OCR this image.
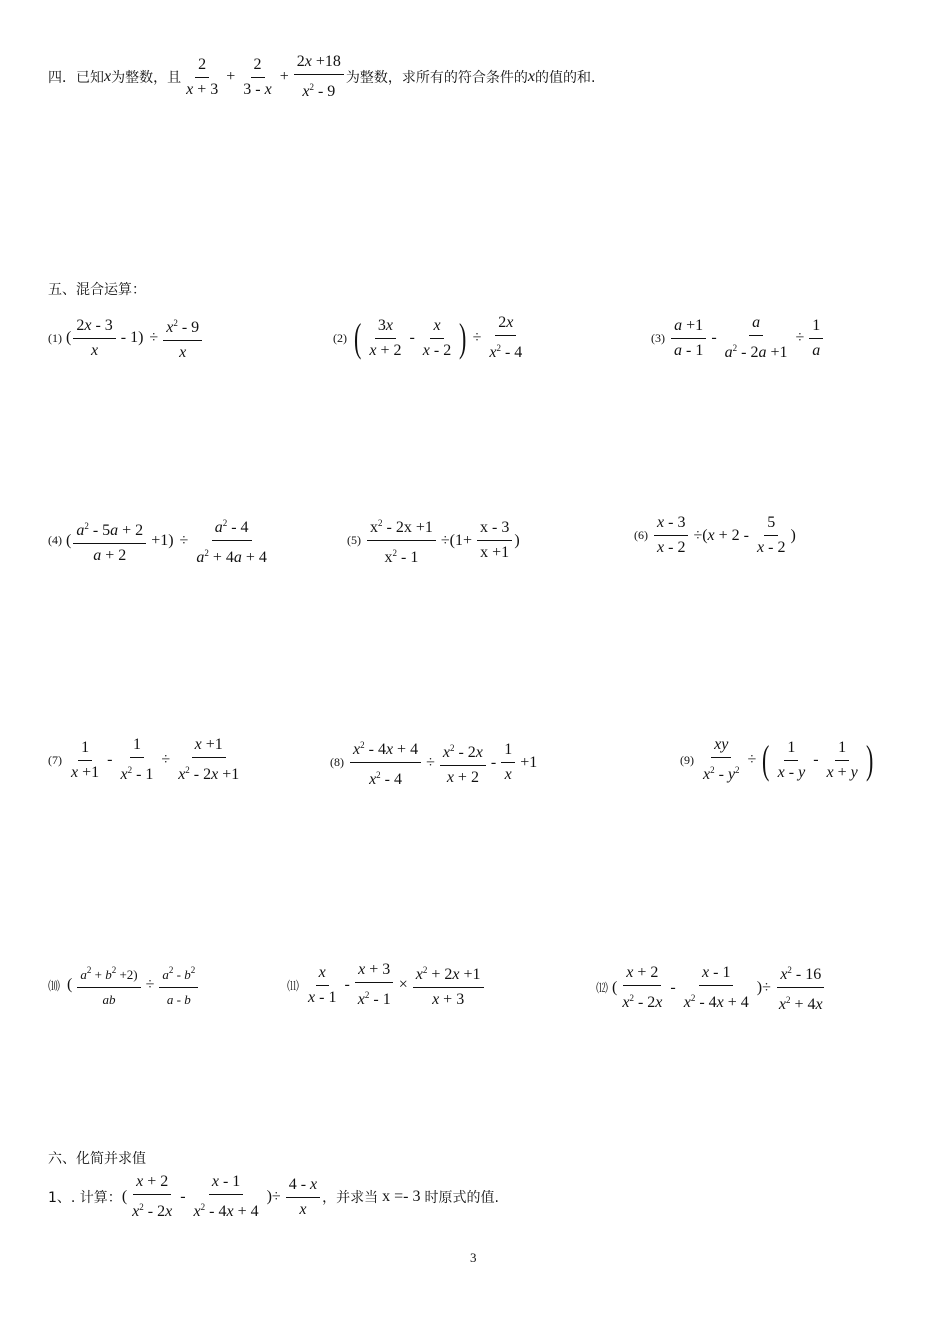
四．已知 x 为整数，且 $\frac{2}{x + 3} + \frac{2}{3 - x} + \frac{2x +18}{x^2 - 9}$ 为整数，求所有的符合条件的 x 的值的和.
五、混合运算：
(1) ( $\frac{2x - 3}{x} - 1) \div \frac{x^2 - 9}{x}$	(2) ( $\frac{3x}{x + 2} - \frac{x}{x - 2}$ ) ÷ $\frac{2x}{x^2 - 4}$	$(3) \frac{a +1}{a - 1} - \frac{a}{a^2 - 2a +1} \div \frac{1}{a}$
(4) ( $\frac{a^2 - 5a + 2}{a + 2} +1) \div \frac{a^2 - 4}{a^2 + 4a + 4}$	$(5) \frac{x^2 - 2x +1}{x^2 - 1} \div(1+ \frac{x - 3}{x +1}$ )	$(6) \frac{x - 3}{x - 2} \div(x + 2 - \frac{5}{x - 2}$ )
$(7) \frac{1}{x +1} - \frac{1}{x^2 - 1} \div \frac{x +1}{x^2 - 2x +1}$	$(8) \frac{x^2 - 4x + 4}{x^2 - 4} \div \frac{x^2 - 2x}{x + 2} - \frac{1}{x} +1$	$(9) \frac{xy}{x^2 - y^2}$ ÷ ( $\frac{1}{x - y} - \frac{1}{x + y}$ )
⑽ ( $\frac{a^2 + b^2 +2)}{ab} \div \frac{a^2 - b^2}{a - b}$	⑾ $\frac{x}{x - 1} - \frac{x + 3}{x^2 - 1} \times \frac{x^2 + 2x +1}{x + 3}$	⑿ ( $\frac{x + 2}{x^2 - 2x} - \frac{x - 1}{x^2 - 4x + 4}$ )÷ $\frac{x^2 - 16}{x^2 + 4x}$
六、化简并求值
1、. 计算： ( $\frac{x + 2}{x^2 - 2x} - \frac{x - 1}{x^2 - 4x + 4}$ )÷ $\frac{4 - x}{x}$ ，并求当 x =- 3 时原式的值.
3
